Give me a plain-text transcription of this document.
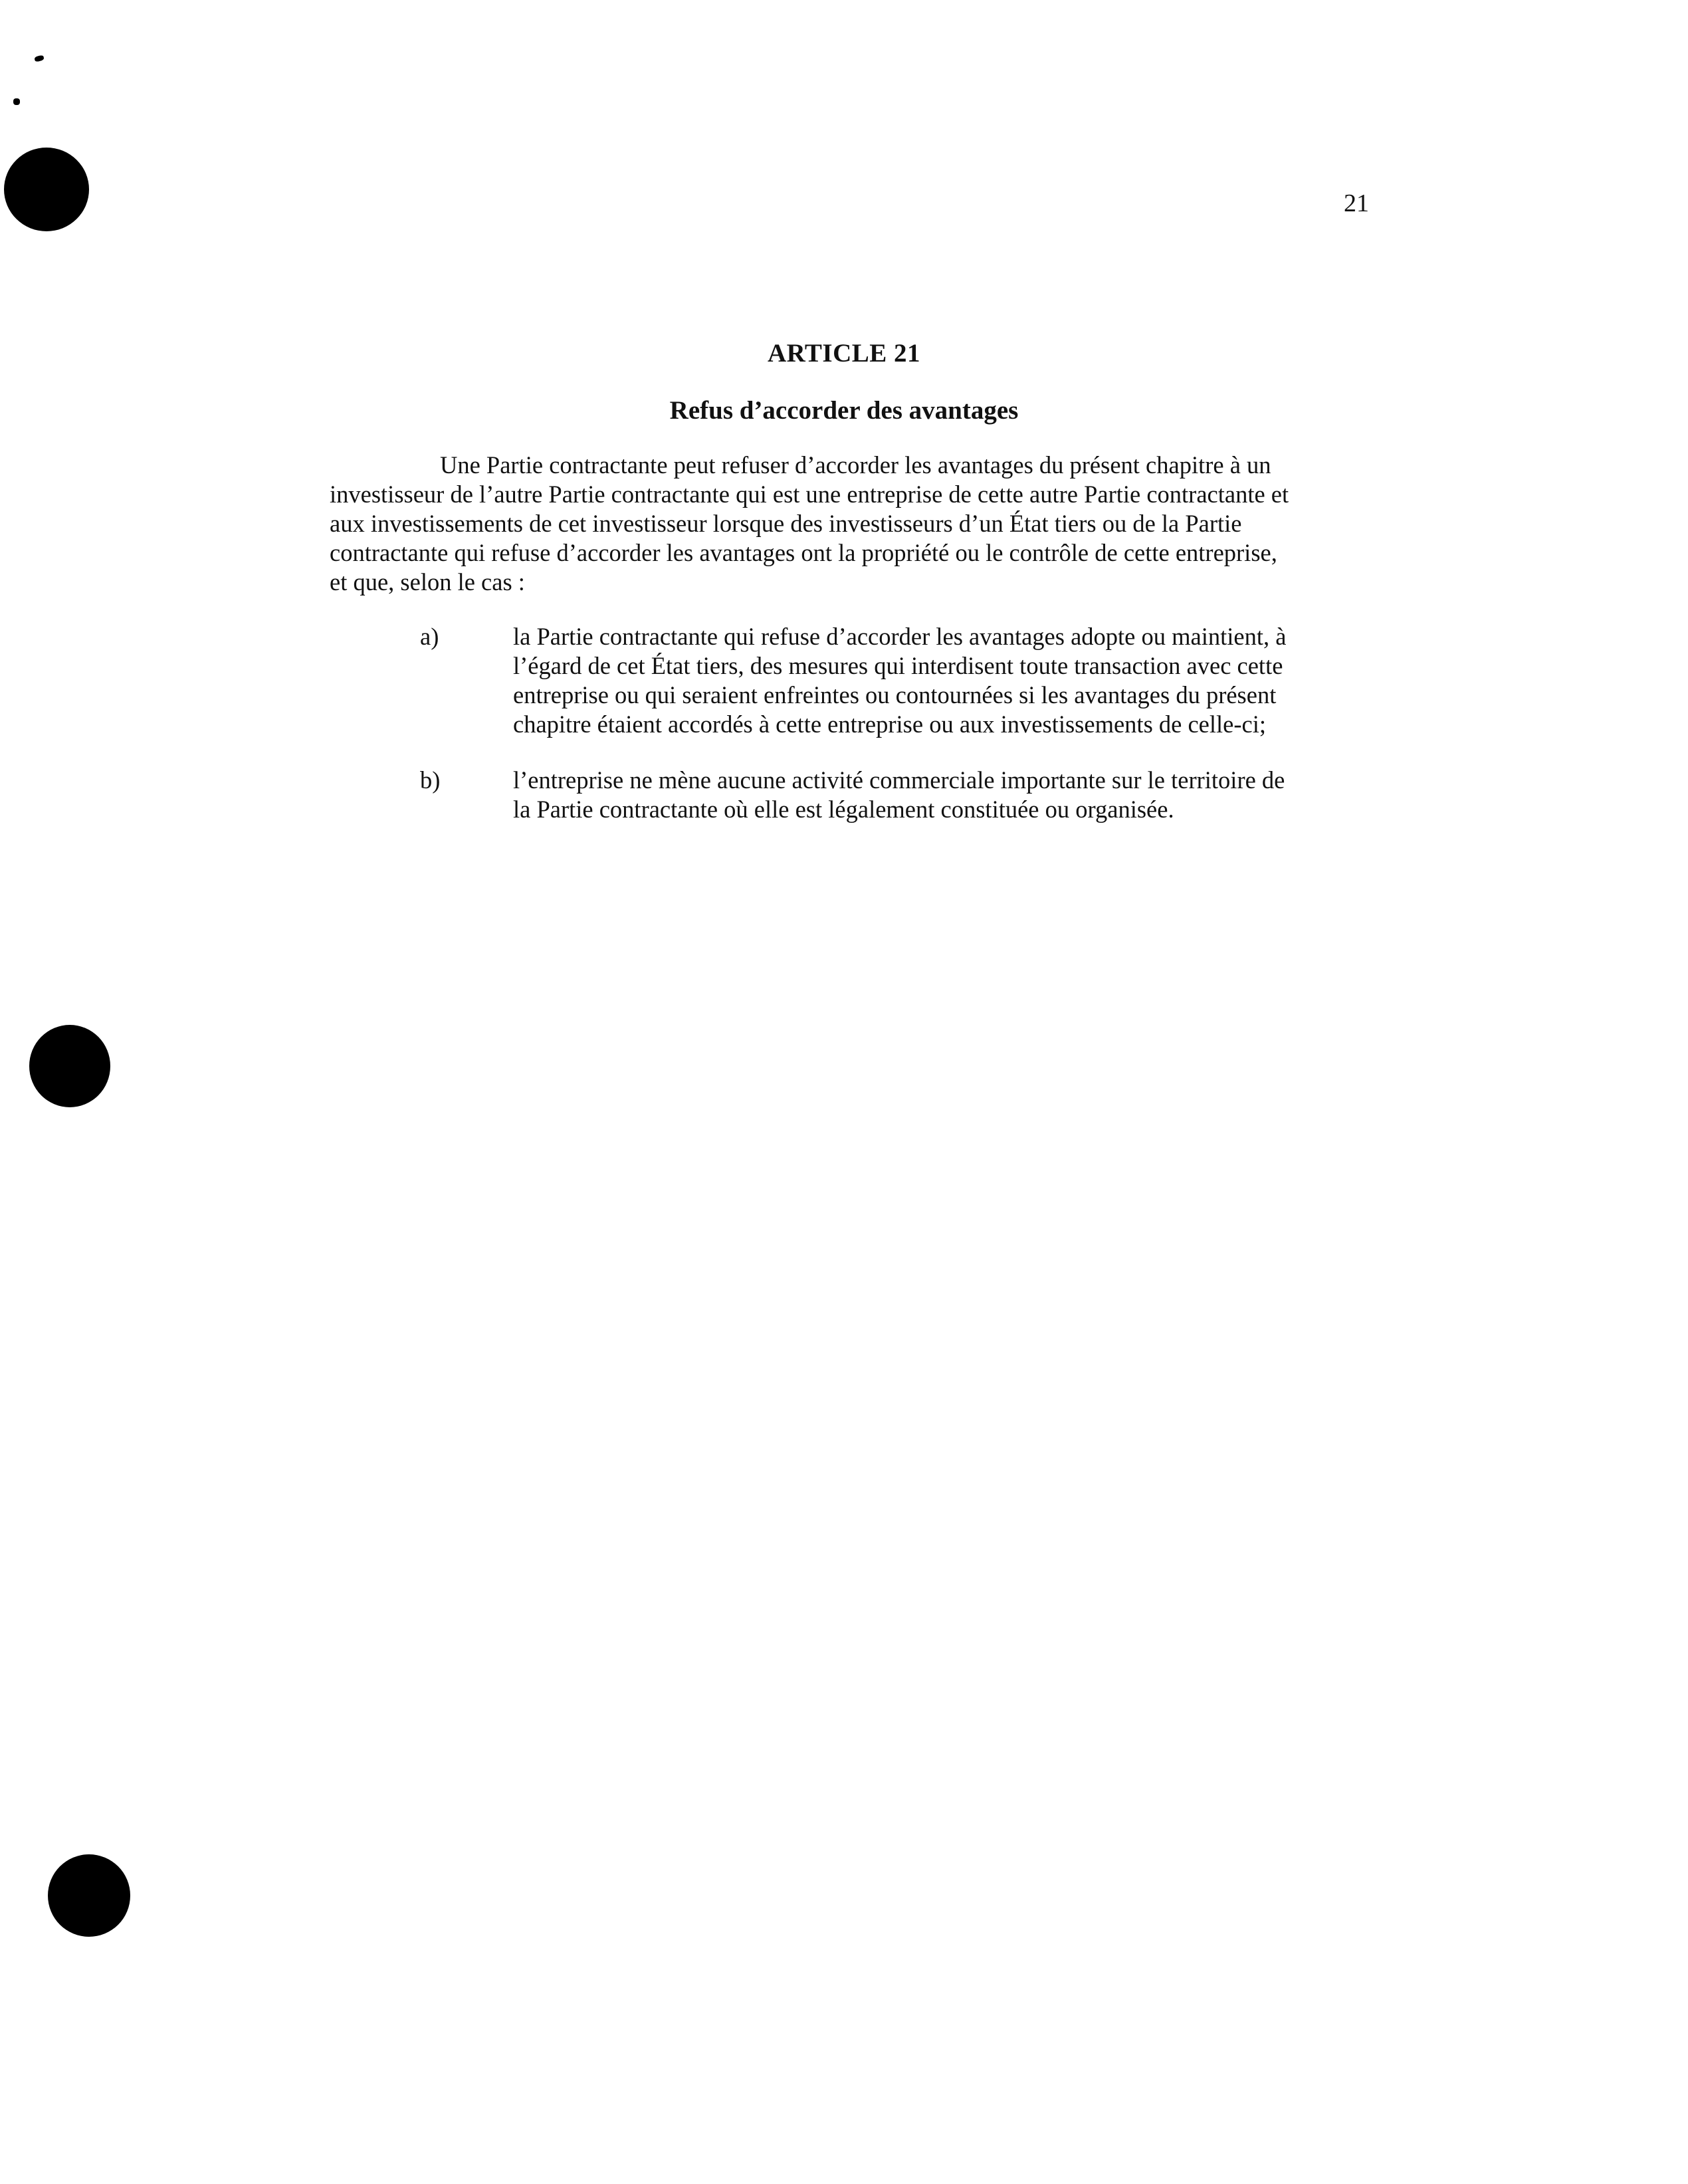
21
ARTICLE 21
Refus d’accorder des avantages
Une Partie contractante peut refuser d’accorder les avantages du présent chapitre à un
investisseur de l’autre Partie contractante qui est une entreprise de cette autre Partie contractante et
aux investissements de cet investisseur lorsque des investisseurs d’un État tiers ou de la Partie
contractante qui refuse d’accorder les avantages ont la propriété ou le contrôle de cette entreprise,
et que, selon le cas :
a)	la Partie contractante qui refuse d’accorder les avantages adopte ou maintient, à
l’égard de cet État tiers, des mesures qui interdisent toute transaction avec cette
entreprise ou qui seraient enfreintes ou contournées si les avantages du présent
chapitre étaient accordés à cette entreprise ou aux investissements de celle-ci;
b)	l’entreprise ne mène aucune activité commerciale importante sur le territoire de
la Partie contractante où elle est légalement constituée ou organisée.
